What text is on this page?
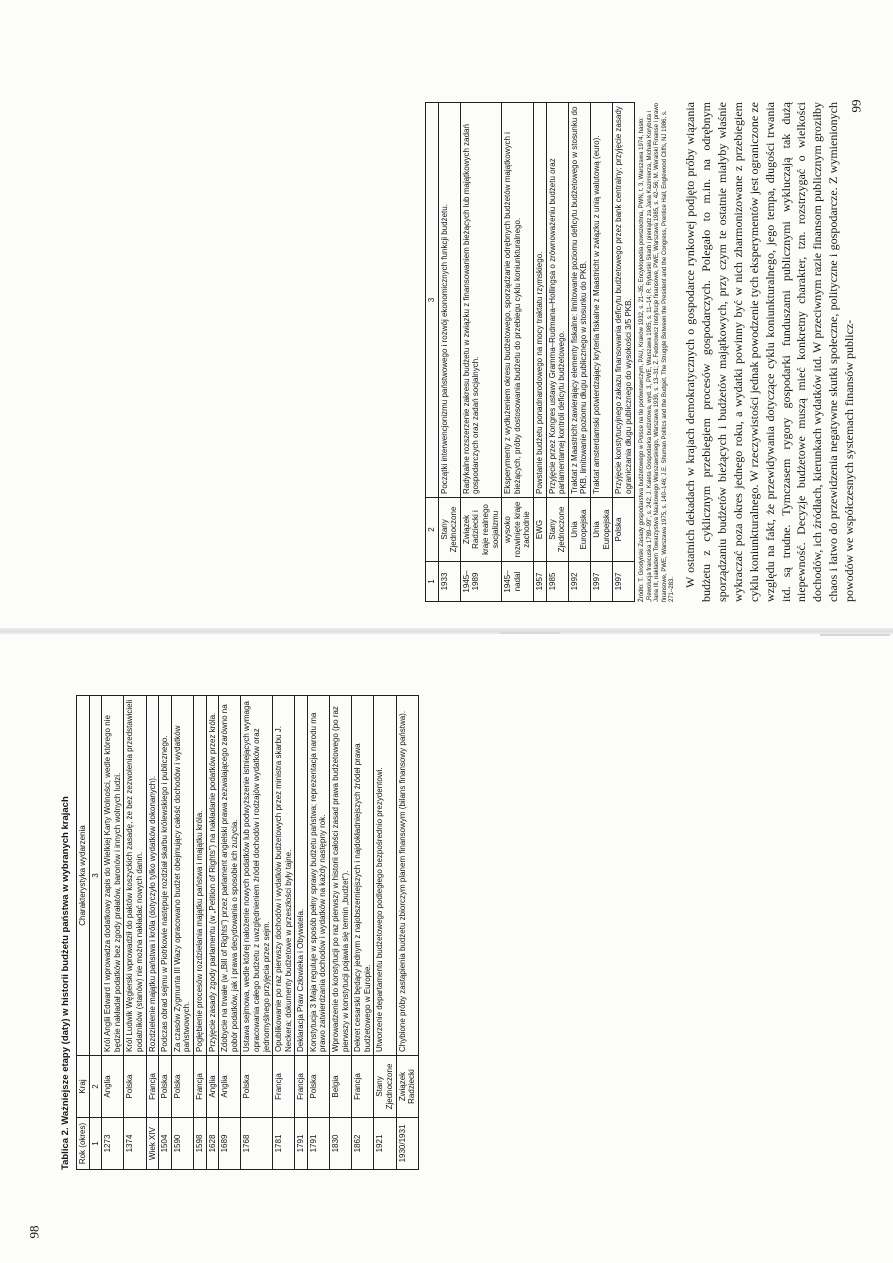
Tablica 2. Ważniejsze etapy (daty) w historii budżetu państwa w wybranych krajach Rok (okres)	Kraj	Charakterystyka wydarzenia
1	2	3
1273	Anglia	Król Anglii Edward I wprowadza dodatkowy zapis do Wielkiej Karty Wolności, wedle którego nie będzie nakładał podatków bez zgody prałatów, baronów i innych wolnych ludzi.
1374	Polska	Król Ludwik Węgierski wprowadził do paktów koszyckich zasadę, że bez zezwolenia przedstawicieli podatników (stanów) nie można nakładać nowych danin.
Wiek XIV	Francja	Rozdzielenie majątku państwa i króla (dotyczyło tylko wydatków dokonanych).
1504	Polska	Podczas obrad sejmu w Piotrkowie następuje rozdział skarbu królewskiego i publicznego.
1590	Polska	Za czasów Zygmunta III Wazy opracowano budżet obejmujący całość dochodów i wydatków państwowych.
1598	Francja	Pogłębienie procesów rozdzielania majątku państwa i majątku króla.
1628	Anglia	Przyjęcie zasady zgody parlamentu (w „Petition of Rights”) na nakładanie podatków przez króla.
1689	Anglia	Zdobycie na trwałe (w „Bill of Rights”) przez parlament angielski prawa zezwalającego zarówno na pobór podatków, jak i prawa decydowania o sposobie ich zużycia.
1768	Polska	Ustawa sejmowa, wedle której nałożenie nowych podatków lub podwyższenie istniejących wymaga opracowania całego budżetu z uwzględnieniem źródeł dochodów i rodzajów wydatków oraz jednomyślnego przyjęcia przez sejm.
1781	Francja	Opublikowanie po raz pierwszy dochodów i wydatków budżetowych przez ministra skarbu J. Neckera; dokumenty budżetowe w przeszłości były tajne.
1791	Francja	Deklaracja Praw Człowieka i Obywatela.
1791	Polska	Konstytucja 3 Maja reguluje w sposób pełny sprawy budżetu państwa; reprezentacja narodu ma prawo zatwierdzania dochodów i wydatków na każdy następny rok.
1830	Belgia	Wprowadzenie do konstytucji po raz pierwszy w historii całości zasad prawa budżetowego (po raz pierwszy w konstytucji pojawia się termin „budżet”).
1862	Francja	Dekret cesarski będący jednym z najobszerniejszych i najdokładniejszych źródeł prawa budżetowego w Europie.
1921	Stany Zjednoczone	Utworzenie departamentu budżetowego podległego bezpośrednio prezydentowi.
1930/1931	Związek Radziecki	Chybione próby zastąpienia budżetu zbiorczym planem finansowym (bilans finansowy państwa).
1	2	3
1933	Stany Zjednoczone	Początki interwencjonizmu państwowego i rozwój ekonomicznych funkcji budżetu.
1945–1989	Związek Radziecki i kraje realnego socjalizmu	Radykalne rozszerzenie zakresu budżetu w związku z finansowaniem bieżących lub majątkowych zadań gospodarczych oraz zadań socjalnych.
1945–nadal	wysoko rozwinięte kraje zachodnie	Eksperymenty z wydłużeniem okresu budżetowego, sporządzanie odrębnych budżetów majątkowych i bieżących, próby dostosowania budżetu do przebiegu cyklu koniunkturalnego.
1957	EWG	Powstanie budżetu ponadnarodowego na mocy traktatu rzymskiego.
1985	Stany Zjednoczone	Przyjęcie przez Kongres ustawy Gramma–Rudmana–Hollingsa o zrównoważeniu budżetu oraz parlamentarnej kontroli deficytu budżetowego.
1992	Unia Europejska	Traktat z Maastricht zawierający elementy fiskalne: limitowanie poziomu deficytu budżetowego w stosunku do PKB, limitowanie poziomu długu publicznego w stosunku do PKB.
1997	Unia Europejska	Traktat amsterdamski potwierdzający kryteria fiskalne z Maastricht w związku z unią walutową (euro).
1997	Polska	Przyjęcie konstytucyjnego zakazu finansowania deficytu budżetowego przez bank centralny; przyjęcie zasady ograniczania długu publicznego do wysokości 3/5 PKB. Źródło: T. Grodyński Zasady gospodarstwa budżetowego w Polsce na tle porównawczym, PAU, Kraków 1932, s. 21–35; Encyklopedia powszechna, PWN, t. 3, Warszawa 1974, hasło: „Rewolucja francuska 1789–99”, s. 242; J. Kaleta Gospodarka budżetowa, wyd. 3, PWE, Warszawa 1985, s. 11–14; R. Rybarski Skarb i pieniądz za Jana Kazimierza, Michała Korybuta i Jana III, nakładem Towarzystwa Naukowego Warszawskiego, Warszawa 1939, s. 13–31; Z. Fedorowicz Instytucje finansowe, PWE, Warszawa 1985, s. 42–56; M. Weralski Finanse i prawo finansowe, PWE, Warszawa 1975, s. 140–146; J.E. Shuman Politics and the Budget. The Struggle Between the President and the Congress, Prentice Hall, Englewood Cliffs, NJ 1986, s. 271–283.
W ostatnich dekadach w krajach demokratycznych o gospodarce rynkowej podjęto próby wiązania budżetu z cyklicznym przebiegiem procesów gospodarczych. Polegało to m.in. na odrębnym sporządzaniu budżetów bieżących i budżetów majątkowych, przy czym te ostatnie miałyby właśnie wykraczać poza okres jednego roku, a wydatki powinny być w nich zharmonizowane z przebiegiem cyklu koniunkturalnego. W rzeczywistości jednak powodzenie tych eksperymentów jest ograniczone ze względu na fakt, że przewidywania dotyczące cyklu koniunkturalnego, jego tempa, długości trwania itd. są trudne. Tymczasem rygory gospodarki funduszami publicznymi wykluczają tak dużą niepewność. Decyzje budżetowe muszą mieć konkretny charakter, tzn. rozstrzygać o wielkości dochodów, ich źródłach, kierunkach wydatków itd. W przeciwnym razie finansom publicznym groziłby chaos i łatwo do przewidzenia negatywne skutki społeczne, polityczne i gospodarcze. Z wymienionych powodów we współczesnych systemach finansów publicz-
98
99
